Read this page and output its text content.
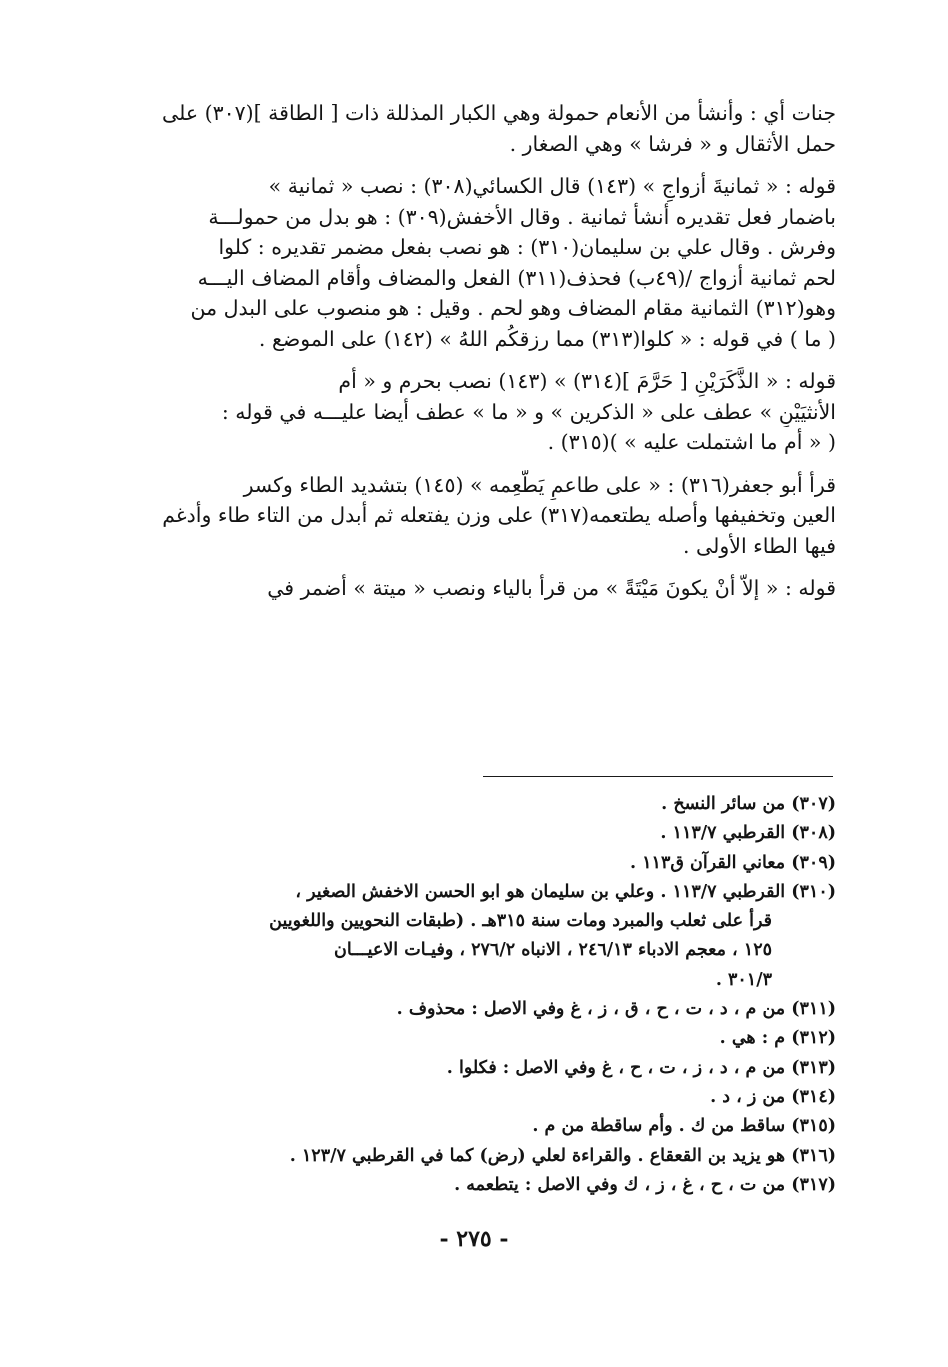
جنات أي : وأنشأ من الأنعام حمولة وهي الكبار المذللة ذات [ الطاقة ](٣٠٧) على
حمل الأثقال و « فرشا » وهي الصغار .
قوله : « ثمانيةَ أزواجٍ » (١٤٣) قال الكسائي(٣٠٨) : نصب « ثمانية »
باضمار فعل تقديره أنشأ ثمانية . وقال الأخفش(٣٠٩) : هو بدل من حمولـــة
وفرش . وقال علي بن سليمان(٣١٠) : هو نصب بفعل مضمر تقديره : كلوا
لحم ثمانية أزواج /(٤٩ب) فحذف(٣١١) الفعل والمضاف وأقام المضاف اليـــه
وهو(٣١٢) الثمانية مقام المضاف وهو لحم . وقيل : هو منصوب على البدل من
( ما ) في قوله : « كلوا(٣١٣) مما رزقكُم اللهُ » (١٤٢) على الموضع .
قوله : « الذَّكَرَيْنِ [ حَرَّمَ ](٣١٤) » (١٤٣) نصب بحرم و « أم
الأنثيَيْنِ » عطف على « الذكرين » و « ما » عطف أيضا عليـــه في قوله :
( « أم ما اشتملت عليه » )(٣١٥) .
قرأ أبو جعفر(٣١٦) : « على طاعمٍ يَطَّعِمه » (١٤٥) بتشديد الطاء وكسر
العين وتخفيفها وأصله يطتعمه(٣١٧) على وزن يفتعله ثم أبدل من التاء طاء وأدغم
فيها الطاء الأولى .
قوله : « إلاّ أنْ يكونَ مَيْتَةً » من قرأ بالياء ونصب « ميتة » أضمر في
(٣٠٧) من سائر النسخ .
(٣٠٨) القرطبي ١١٣/٧ .
(٣٠٩) معاني القرآن ق١١٣ .
(٣١٠) القرطبي ١١٣/٧ . وعلي بن سليمان هو ابو الحسن الاخفش الصغير ،
قرأ على ثعلب والمبرد ومات سنة ٣١٥هـ . (طبقات النحويين واللغويين
١٢٥ ، معجم الادباء ٢٤٦/١٣ ، الانباه ٢٧٦/٢ ، وفيـات الاعيـــان
٣٠١/٣ .
(٣١١) من م ، د ، ت ، ح ، ق ، ز ، غ وفي الاصل : محذوف .
(٣١٢) م : هي .
(٣١٣) من م ، د ، ز ، ت ، ح ، غ وفي الاصل : فكلوا .
(٣١٤) من ز ، د .
(٣١٥) ساقط من ك . وأم ساقطة من م .
(٣١٦) هو يزيد بن القعقاع . والقراءة لعلي (رض) كما في القرطبي ١٢٣/٧ .
(٣١٧) من ت ، ح ، غ ، ز ، ك وفي الاصل : يتطعمه .
- ٢٧٥ -
